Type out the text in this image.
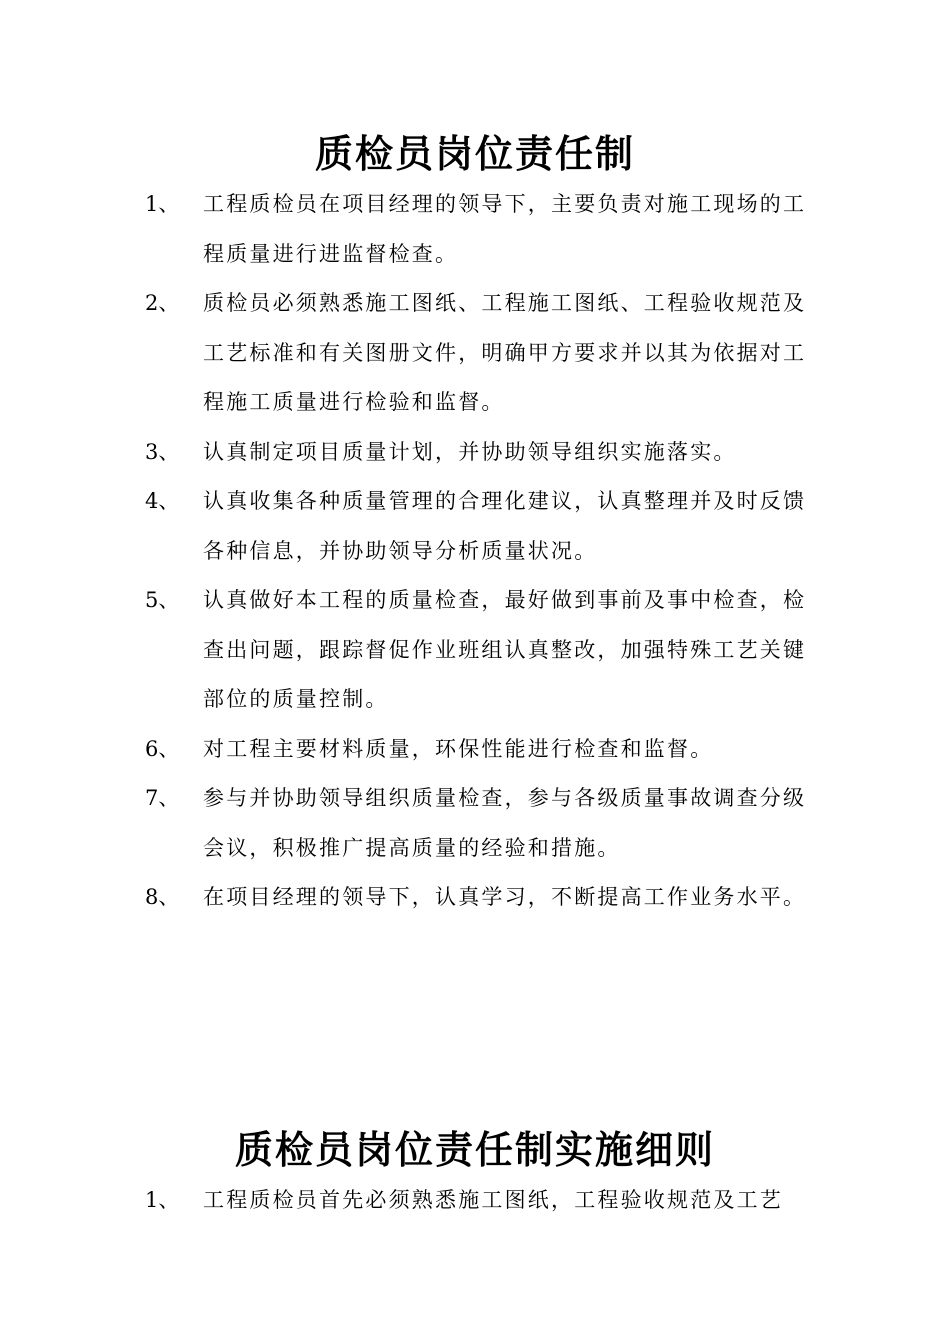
质检员岗位责任制
1、 工程质检员在项目经理的领导下，主要负责对施工现场的工程质量进行进监督检查。
2、 质检员必须熟悉施工图纸、工程施工图纸、工程验收规范及工艺标准和有关图册文件，明确甲方要求并以其为依据对工程施工质量进行检验和监督。
3、 认真制定项目质量计划，并协助领导组织实施落实。
4、 认真收集各种质量管理的合理化建议，认真整理并及时反馈各种信息，并协助领导分析质量状况。
5、 认真做好本工程的质量检查，最好做到事前及事中检查，检查出问题，跟踪督促作业班组认真整改，加强特殊工艺关键部位的质量控制。
6、 对工程主要材料质量，环保性能进行检查和监督。
7、 参与并协助领导组织质量检查，参与各级质量事故调查分级会议，积极推广提高质量的经验和措施。
8、 在项目经理的领导下，认真学习，不断提高工作业务水平。
质检员岗位责任制实施细则
1、 工程质检员首先必须熟悉施工图纸，工程验收规范及工艺
